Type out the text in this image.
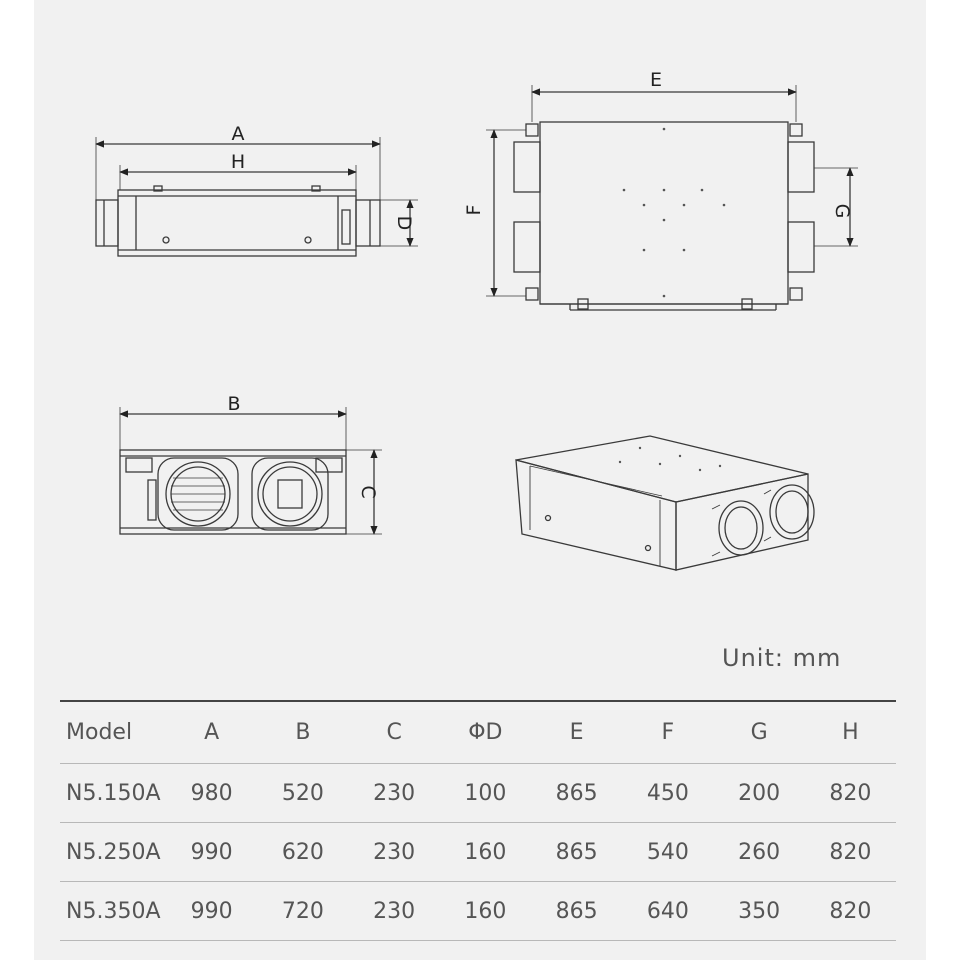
A
H
D
E
F	G
B
C
Unit: mm
Model	A	B	C	ΦD	E	F	G	H
N5.150A	980	520	230	100	865	450	200	820
N5.250A	990	620	230	160	865	540	260	820
N5.350A	990	720	230	160	865	640	350	820
